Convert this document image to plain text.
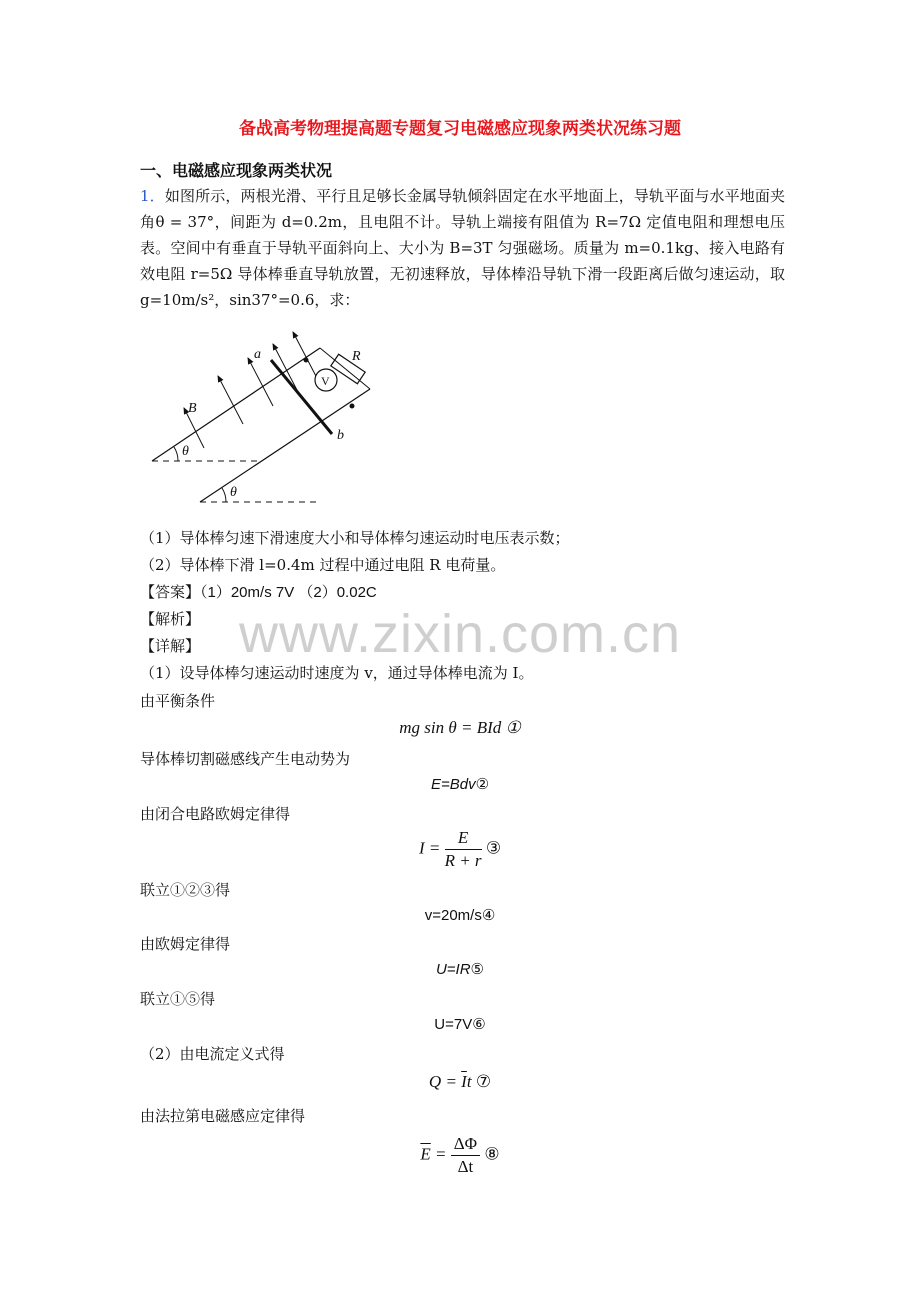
备战高考物理提高题专题复习电磁感应现象两类状况练习题
一、电磁感应现象两类状况
1．如图所示，两根光滑、平行且足够长金属导轨倾斜固定在水平地面上，导轨平面与水平地面夹角θ = 37°，间距为 d=0.2m，且电阻不计。导轨上端接有阻值为 R=7Ω 定值电阻和理想电压表。空间中有垂直于导轨平面斜向上、大小为 B=3T 匀强磁场。质量为 m=0.1kg、接入电路有效电阻 r=5Ω 导体棒垂直导轨放置，无初速释放，导体棒沿导轨下滑一段距离后做匀速运动，取 g=10m/s²，sin37°=0.6，求：
θ
θ
B
a
b
R
V
（1）导体棒匀速下滑速度大小和导体棒匀速运动时电压表示数；
（2）导体棒下滑 l=0.4m 过程中通过电阻 R 电荷量。
【答案】（1）20m/s 7V （2）0.02C
【解析】 www.zixin.com.cn
【详解】
（1）设导体棒匀速运动时速度为 v，通过导体棒电流为 I。
由平衡条件
mg sin θ = BId ①
导体棒切割磁感线产生电动势为
E=Bdv②
由闭合电路欧姆定律得
$I = \frac{E}{R + r}$ ③
联立①②③得
v=20m/s④
由欧姆定律得
U=IR⑤
联立①⑤得
U=7V⑥
（2）由电流定义式得
$Q = \overline{I}t$ ⑦
由法拉第电磁感应定律得
$\overline{E} = \frac{\Delta\Phi}{\Delta t}$ ⑧
